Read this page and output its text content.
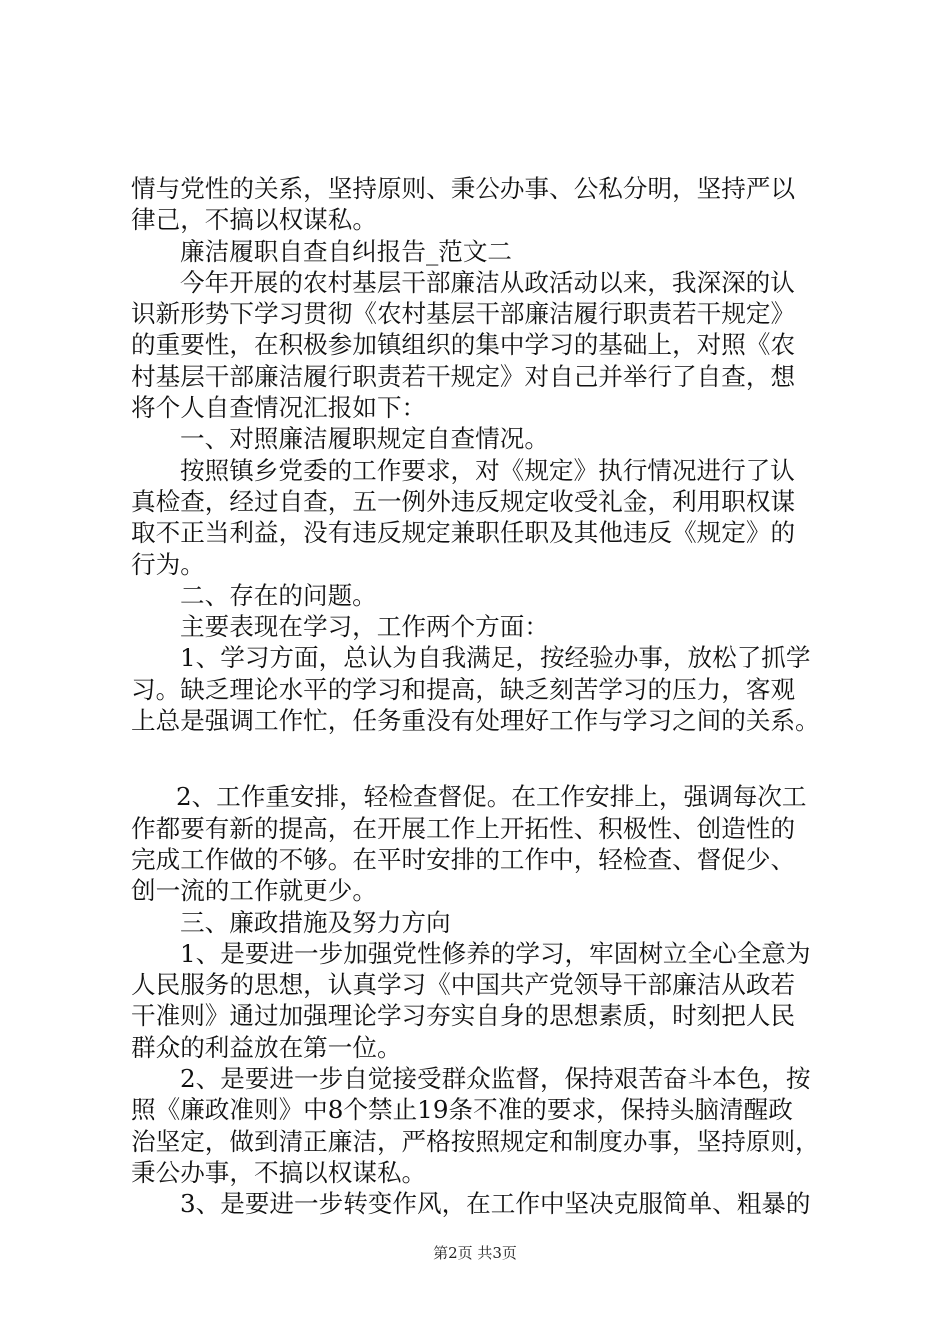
情与党性的关系，坚持原则、秉公办事、公私分明，坚持严以
律己，不搞以权谋私。
廉洁履职自查自纠报告_范文二
今年开展的农村基层干部廉洁从政活动以来，我深深的认
识新形势下学习贯彻《农村基层干部廉洁履行职责若干规定》
的重要性，在积极参加镇组织的集中学习的基础上，对照《农
村基层干部廉洁履行职责若干规定》对自己并举行了自查，想
将个人自查情况汇报如下：
一、对照廉洁履职规定自查情况。
按照镇乡党委的工作要求，对《规定》执行情况进行了认
真检查，经过自查，五一例外违反规定收受礼金，利用职权谋
取不正当利益，没有违反规定兼职任职及其他违反《规定》的
行为。
二、存在的问题。
主要表现在学习，工作两个方面：
1、学习方面，总认为自我满足，按经验办事，放松了抓学
习。缺乏理论水平的学习和提高，缺乏刻苦学习的压力，客观
上总是强调工作忙，任务重没有处理好工作与学习之间的关系。
2、工作重安排，轻检查督促。在工作安排上，强调每次工
作都要有新的提高，在开展工作上开拓性、积极性、创造性的
完成工作做的不够。在平时安排的工作中，轻检查、督促少、
创一流的工作就更少。
三、廉政措施及努力方向
1、是要进一步加强党性修养的学习，牢固树立全心全意为
人民服务的思想，认真学习《中国共产党领导干部廉洁从政若
干准则》通过加强理论学习夯实自身的思想素质，时刻把人民
群众的利益放在第一位。
2、是要进一步自觉接受群众监督，保持艰苦奋斗本色，按
照《廉政准则》中8个禁止19条不准的要求，保持头脑清醒政
治坚定，做到清正廉洁，严格按照规定和制度办事，坚持原则，
秉公办事，不搞以权谋私。
3、是要进一步转变作风，在工作中坚决克服简单、粗暴的
第2页 共3页
